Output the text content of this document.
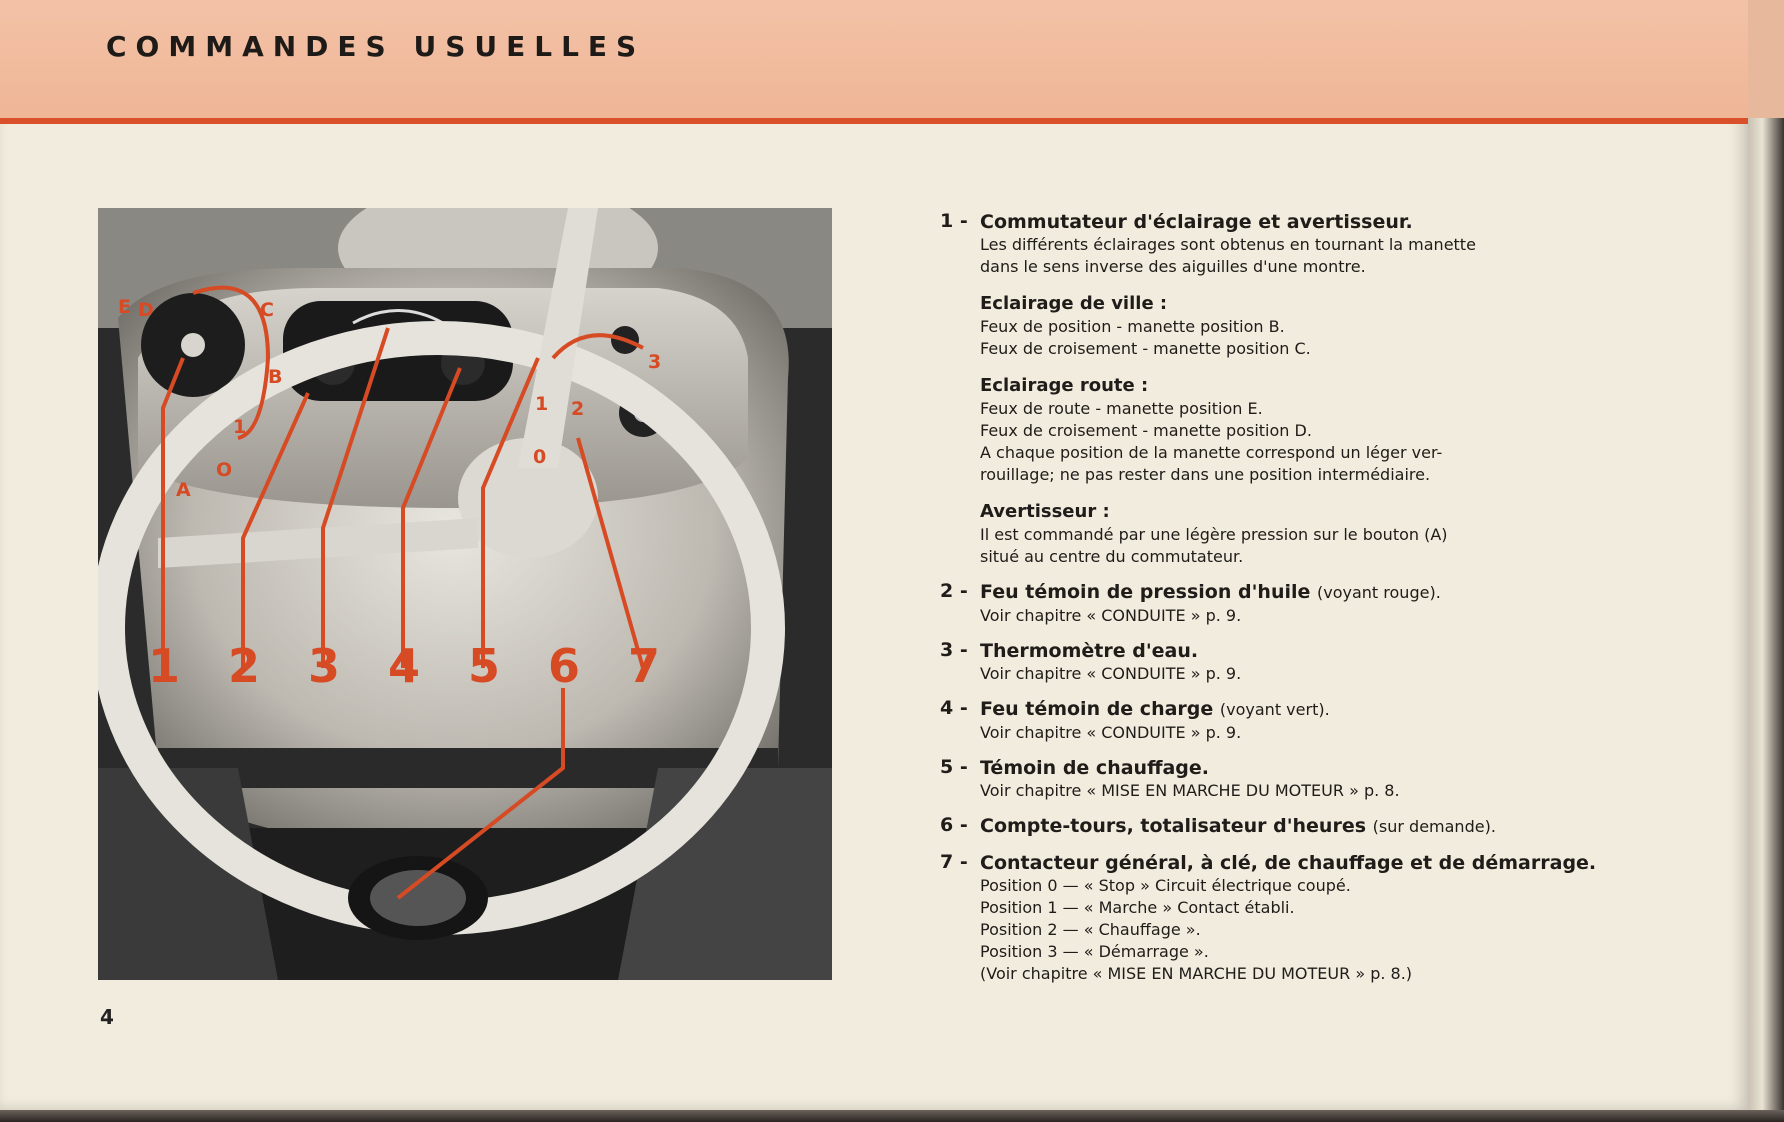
COMMANDES USUELLES
E D	C
B
A
O
1
1 2
3
0
1 2 3 4 5 6 7
1 - Commutateur d'éclairage et avertisseur.
Les différents éclairages sont obtenus en tournant la manette
dans le sens inverse des aiguilles d'une montre.
Eclairage de ville :
Feux de position - manette position B.
Feux de croisement - manette position C.
Eclairage route :
Feux de route - manette position E.
Feux de croisement - manette position D.
A chaque position de la manette correspond un léger ver-
rouillage; ne pas rester dans une position intermédiaire.
Avertisseur :
Il est commandé par une légère pression sur le bouton (A)
situé au centre du commutateur.
2 - Feu témoin de pression d'huile (voyant rouge).
Voir chapitre « CONDUITE » p. 9.
3 - Thermomètre d'eau.
Voir chapitre « CONDUITE » p. 9.
4 - Feu témoin de charge (voyant vert).
Voir chapitre « CONDUITE » p. 9.
5 - Témoin de chauffage.
Voir chapitre « MISE EN MARCHE DU MOTEUR » p. 8.
6 - Compte-tours, totalisateur d'heures (sur demande).
7 - Contacteur général, à clé, de chauffage et de démarrage.
Position 0 — « Stop » Circuit électrique coupé.
Position 1 — « Marche » Contact établi.
Position 2 — « Chauffage ».
Position 3 — « Démarrage ».
(Voir chapitre « MISE EN MARCHE DU MOTEUR » p. 8.)
4
